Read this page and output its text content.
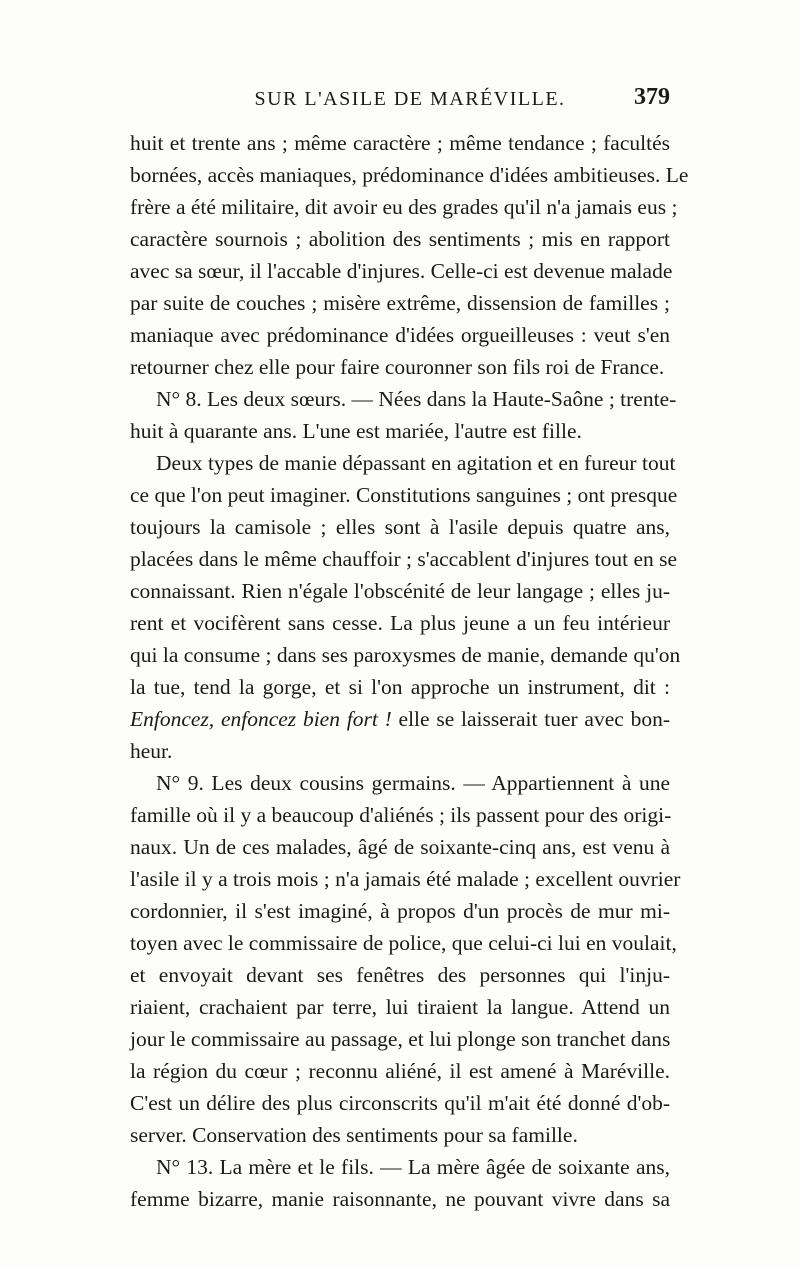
SUR L'ASILE DE MARÉVILLE.	379
huit et trente ans ; même caractère ; même tendance ; facultés
bornées, accès maniaques, prédominance d'idées ambitieuses. Le
frère a été militaire, dit avoir eu des grades qu'il n'a jamais eus ;
caractère sournois ; abolition des sentiments ; mis en rapport
avec sa sœur, il l'accable d'injures. Celle-ci est devenue malade
par suite de couches ; misère extrême, dissension de familles ;
maniaque avec prédominance d'idées orgueilleuses : veut s'en
retourner chez elle pour faire couronner son fils roi de France.
N° 8. Les deux sœurs. — Nées dans la Haute-Saône ; trente-
huit à quarante ans. L'une est mariée, l'autre est fille.
Deux types de manie dépassant en agitation et en fureur tout
ce que l'on peut imaginer. Constitutions sanguines ; ont presque
toujours la camisole ; elles sont à l'asile depuis quatre ans,
placées dans le même chauffoir ; s'accablent d'injures tout en se
connaissant. Rien n'égale l'obscénité de leur langage ; elles ju-
rent et vocifèrent sans cesse. La plus jeune a un feu intérieur
qui la consume ; dans ses paroxysmes de manie, demande qu'on
la tue, tend la gorge, et si l'on approche un instrument, dit :
Enfoncez, enfoncez bien fort ! elle se laisserait tuer avec bon-
heur.
N° 9. Les deux cousins germains. — Appartiennent à une
famille où il y a beaucoup d'aliénés ; ils passent pour des origi-
naux. Un de ces malades, âgé de soixante-cinq ans, est venu à
l'asile il y a trois mois ; n'a jamais été malade ; excellent ouvrier
cordonnier, il s'est imaginé, à propos d'un procès de mur mi-
toyen avec le commissaire de police, que celui-ci lui en voulait,
et envoyait devant ses fenêtres des personnes qui l'inju-
riaient, crachaient par terre, lui tiraient la langue. Attend un
jour le commissaire au passage, et lui plonge son tranchet dans
la région du cœur ; reconnu aliéné, il est amené à Maréville.
C'est un délire des plus circonscrits qu'il m'ait été donné d'ob-
server. Conservation des sentiments pour sa famille.
N° 13. La mère et le fils. — La mère âgée de soixante ans,
femme bizarre, manie raisonnante, ne pouvant vivre dans sa
